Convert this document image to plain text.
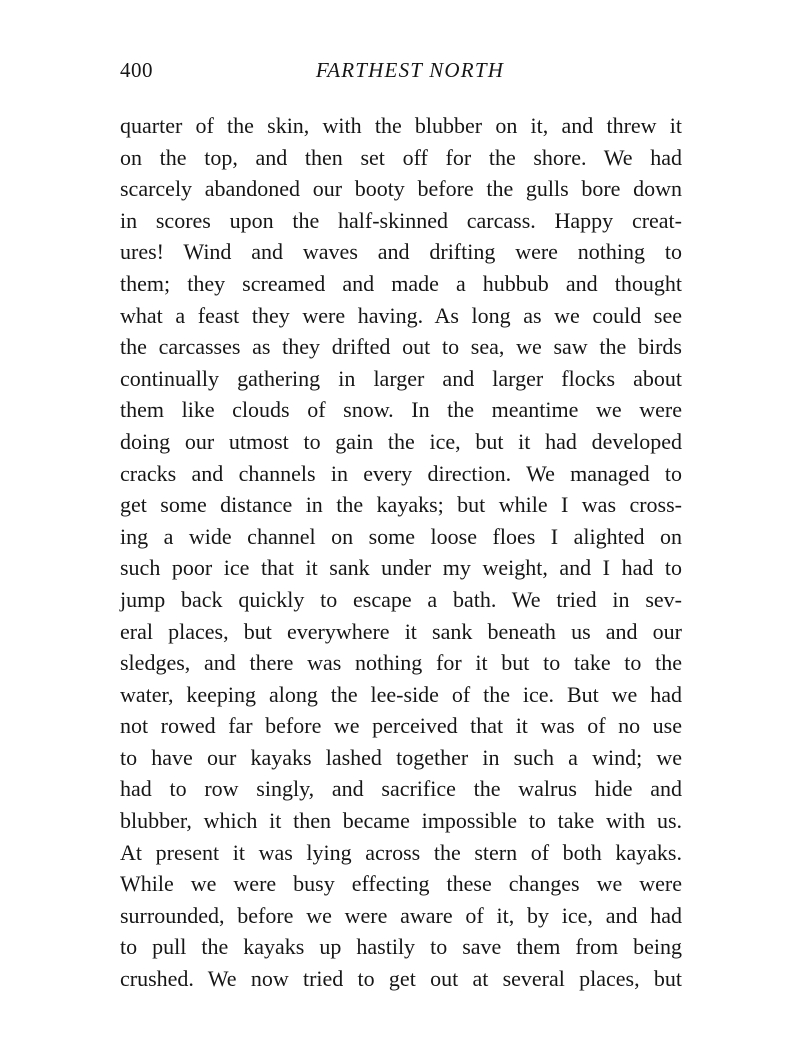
400	FARTHEST NORTH
quarter of the skin, with the blubber on it, and threw it
on the top, and then set off for the shore. We had
scarcely abandoned our booty before the gulls bore down
in scores upon the half-skinned carcass. Happy creat-
ures! Wind and waves and drifting were nothing to
them; they screamed and made a hubbub and thought
what a feast they were having. As long as we could see
the carcasses as they drifted out to sea, we saw the birds
continually gathering in larger and larger flocks about
them like clouds of snow. In the meantime we were
doing our utmost to gain the ice, but it had developed
cracks and channels in every direction. We managed to
get some distance in the kayaks; but while I was cross-
ing a wide channel on some loose floes I alighted on
such poor ice that it sank under my weight, and I had to
jump back quickly to escape a bath. We tried in sev-
eral places, but everywhere it sank beneath us and our
sledges, and there was nothing for it but to take to the
water, keeping along the lee-side of the ice. But we had
not rowed far before we perceived that it was of no use
to have our kayaks lashed together in such a wind; we
had to row singly, and sacrifice the walrus hide and
blubber, which it then became impossible to take with us.
At present it was lying across the stern of both kayaks.
While we were busy effecting these changes we were
surrounded, before we were aware of it, by ice, and had
to pull the kayaks up hastily to save them from being
crushed. We now tried to get out at several places, but
